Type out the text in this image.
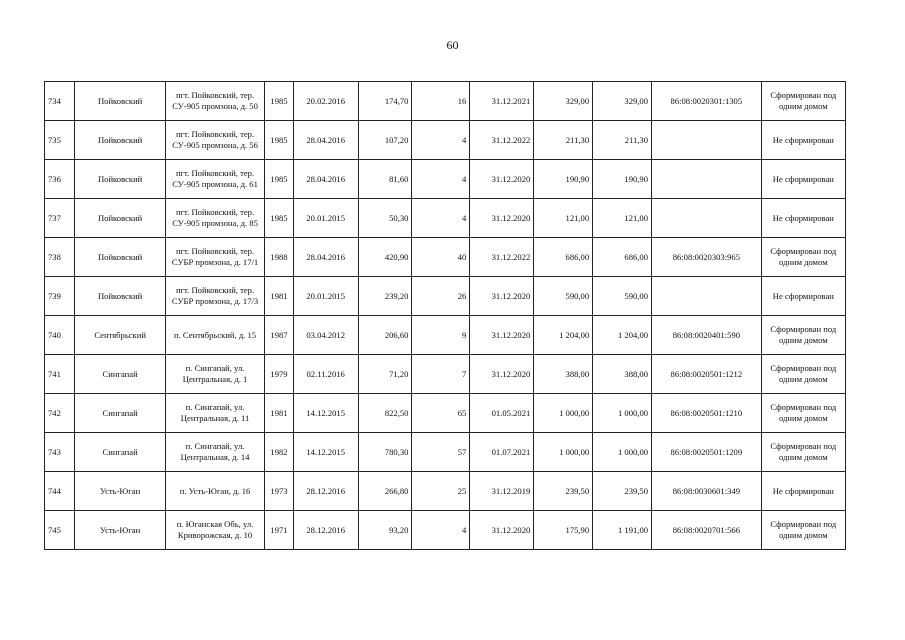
60
734	Пойковский	пгт. Пойковский, тер. СУ-905 промзона, д. 50	1985	20.02.2016	174,70	16	31.12.2021	329,00	329,00	86:08:0020301:1305	Сформирован под одним домом
735	Пойковский	пгт. Пойковский, тер. СУ-905 промзона, д. 56	1985	28.04.2016	107,20	4	31.12.2022	211,30	211,30		Не сформирован
736	Пойковский	пгт. Пойковский, тер. СУ-905 промзона, д. 61	1985	28.04.2016	81,60	4	31.12.2020	190,90	190,90		Не сформирован
737	Пойковский	пгт. Пойковский, тер. СУ-905 промзона, д. 85	1985	20.01.2015	50,30	4	31.12.2020	121,00	121,00		Не сформирован
738	Пойковский	пгт. Пойковский, тер. СУБР промзона, д. 17/1	1988	28.04.2016	420,90	40	31.12.2022	686,00	686,00	86:08:0020303:965	Сформирован под одним домом
739	Пойковский	пгт. Пойковский, тер. СУБР промзона, д. 17/3	1981	20.01.2015	239,20	26	31.12.2020	590,00	590,00		Не сформирован
740	Сентябрьский	п. Сентябрьский, д. 15	1987	03.04.2012	206,60	9	31.12.2020	1 204,00	1 204,00	86:08:0020401:590	Сформирован под одним домом
741	Сингапай	п. Сингапай, ул. Центральная, д. 1	1979	02.11.2016	71,20	7	31.12.2020	388,00	388,00	86:08:0020501:1212	Сформирован под одним домом
742	Сингапай	п. Сингапай, ул. Центральная, д. 11	1981	14.12.2015	822,50	65	01.05.2021	1 000,00	1 000,00	86:08:0020501:1210	Сформирован под одним домом
743	Сингапай	п. Сингапай, ул. Центральная, д. 14	1982	14.12.2015	780,30	57	01.07.2021	1 000,00	1 000,00	86:08:0020501:1209	Сформирован под одним домом
744	Усть-Юган	п. Усть-Юган, д. 16	1973	28.12.2016	266,80	25	31.12.2019	239,50	239,50	86:08:0030601:349	Не сформирован
745	Усть-Юган	п. Юганская Обь, ул. Криворожская, д. 10	1971	28.12.2016	93,20	4	31.12.2020	175,90	1 191,00	86:08:0020701:566	Сформирован под одним домом
